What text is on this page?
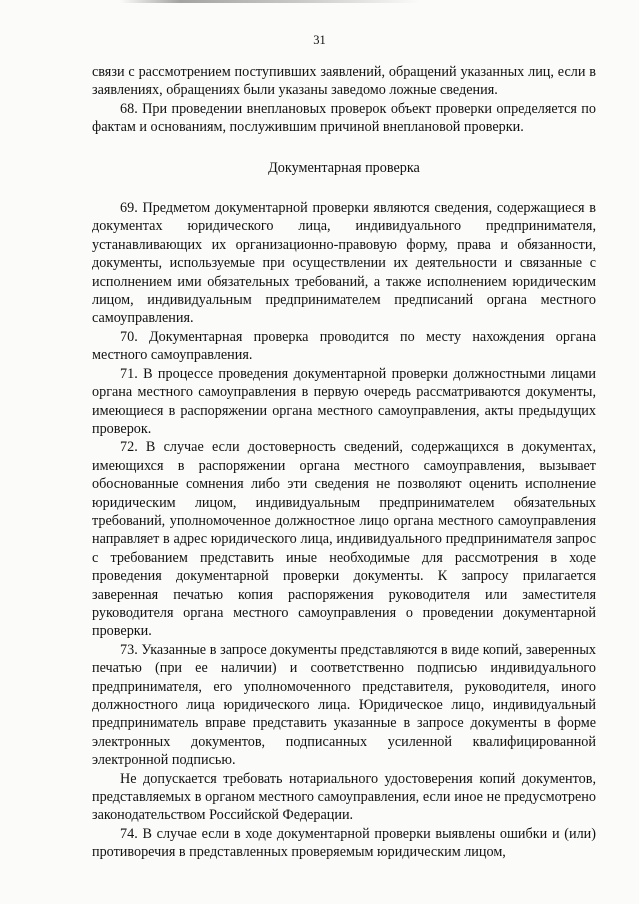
31

связи с рассмотрением поступивших заявлений, обращений указанных лиц, если в заявлениях, обращениях были указаны заведомо ложные сведения.

68. При проведении внеплановых проверок объект проверки определяется по фактам и основаниям, послужившим причиной внеплановой проверки.

Документарная проверка

69. Предметом документарной проверки являются сведения, содержащиеся в документах юридического лица, индивидуального предпринимателя, устанавливающих их организационно-правовую форму, права и обязанности, документы, используемые при осуществлении их деятельности и связанные с исполнением ими обязательных требований, а также исполнением юридическим лицом, индивидуальным предпринимателем предписаний органа местного самоуправления.

70. Документарная проверка проводится по месту нахождения органа местного самоуправления.

71. В процессе проведения документарной проверки должностными лицами органа местного самоуправления в первую очередь рассматриваются документы, имеющиеся в распоряжении органа местного самоуправления, акты предыдущих проверок.

72. В случае если достоверность сведений, содержащихся в документах, имеющихся в распоряжении органа местного самоуправления, вызывает обоснованные сомнения либо эти сведения не позволяют оценить исполнение юридическим лицом, индивидуальным предпринимателем обязательных требований, уполномоченное должностное лицо органа местного самоуправления направляет в адрес юридического лица, индивидуального предпринимателя запрос с требованием представить иные необходимые для рассмотрения в ходе проведения документарной проверки документы. К запросу прилагается заверенная печатью копия распоряжения руководителя или заместителя руководителя органа местного самоуправления о проведении документарной проверки.

73. Указанные в запросе документы представляются в виде копий, заверенных печатью (при ее наличии) и соответственно подписью индивидуального предпринимателя, его уполномоченного представителя, руководителя, иного должностного лица юридического лица. Юридическое лицо, индивидуальный предприниматель вправе представить указанные в запросе документы в форме электронных документов, подписанных усиленной квалифицированной электронной подписью.

Не допускается требовать нотариального удостоверения копий документов, представляемых в органом местного самоуправления, если иное не предусмотрено законодательством Российской Федерации.

74. В случае если в ходе документарной проверки выявлены ошибки и (или) противоречия в представленных проверяемым юридическим лицом,
